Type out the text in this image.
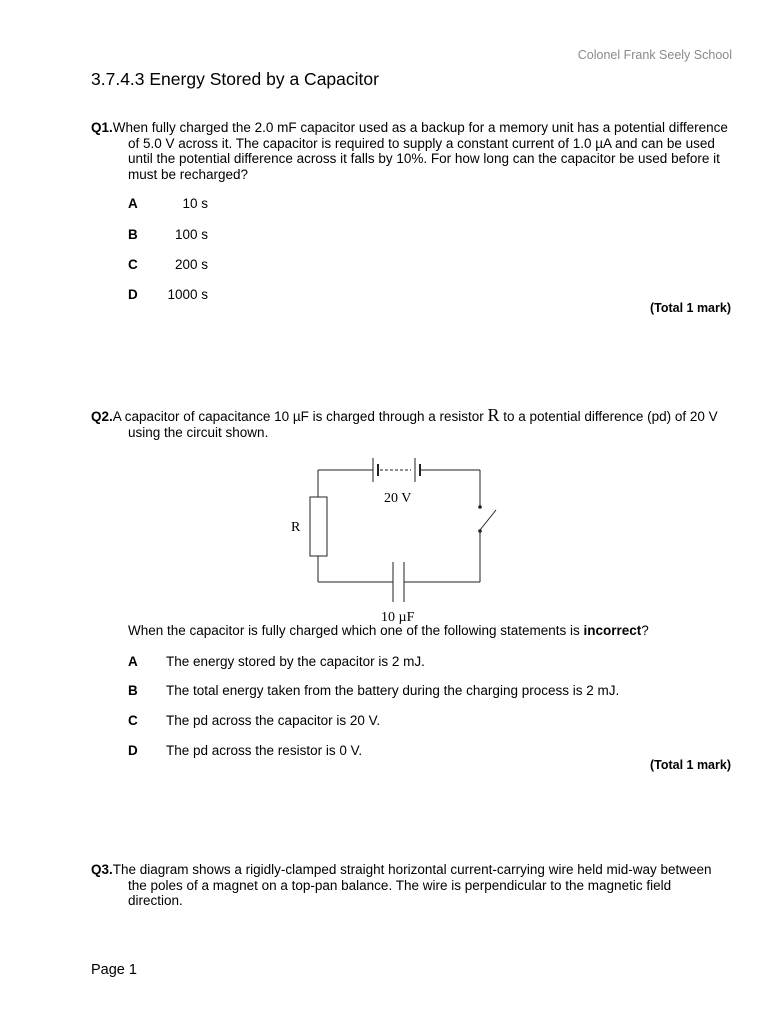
Colonel Frank Seely School
3.7.4.3 Energy Stored by a Capacitor
Q1.When fully charged the 2.0 mF capacitor used as a backup for a memory unit has a potential difference of 5.0 V across it. The capacitor is required to supply a constant current of 1.0 µA and can be used until the potential difference across it falls by 10%. For how long can the capacitor be used before it must be recharged?
A	10 s
B	100 s
C	200 s
D	1000 s
(Total 1 mark)
Q2.A capacitor of capacitance 10 µF is charged through a resistor R to a potential difference (pd) of 20 V using the circuit shown.
20 V
R
10 µF
When the capacitor is fully charged which one of the following statements is incorrect?
A The energy stored by the capacitor is 2 mJ.
B The total energy taken from the battery during the charging process is 2 mJ.
C The pd across the capacitor is 20 V.
D The pd across the resistor is 0 V.
(Total 1 mark)
Q3.The diagram shows a rigidly-clamped straight horizontal current-carrying wire held mid-way between the poles of a magnet on a top-pan balance. The wire is perpendicular to the magnetic field direction.
Page 1
